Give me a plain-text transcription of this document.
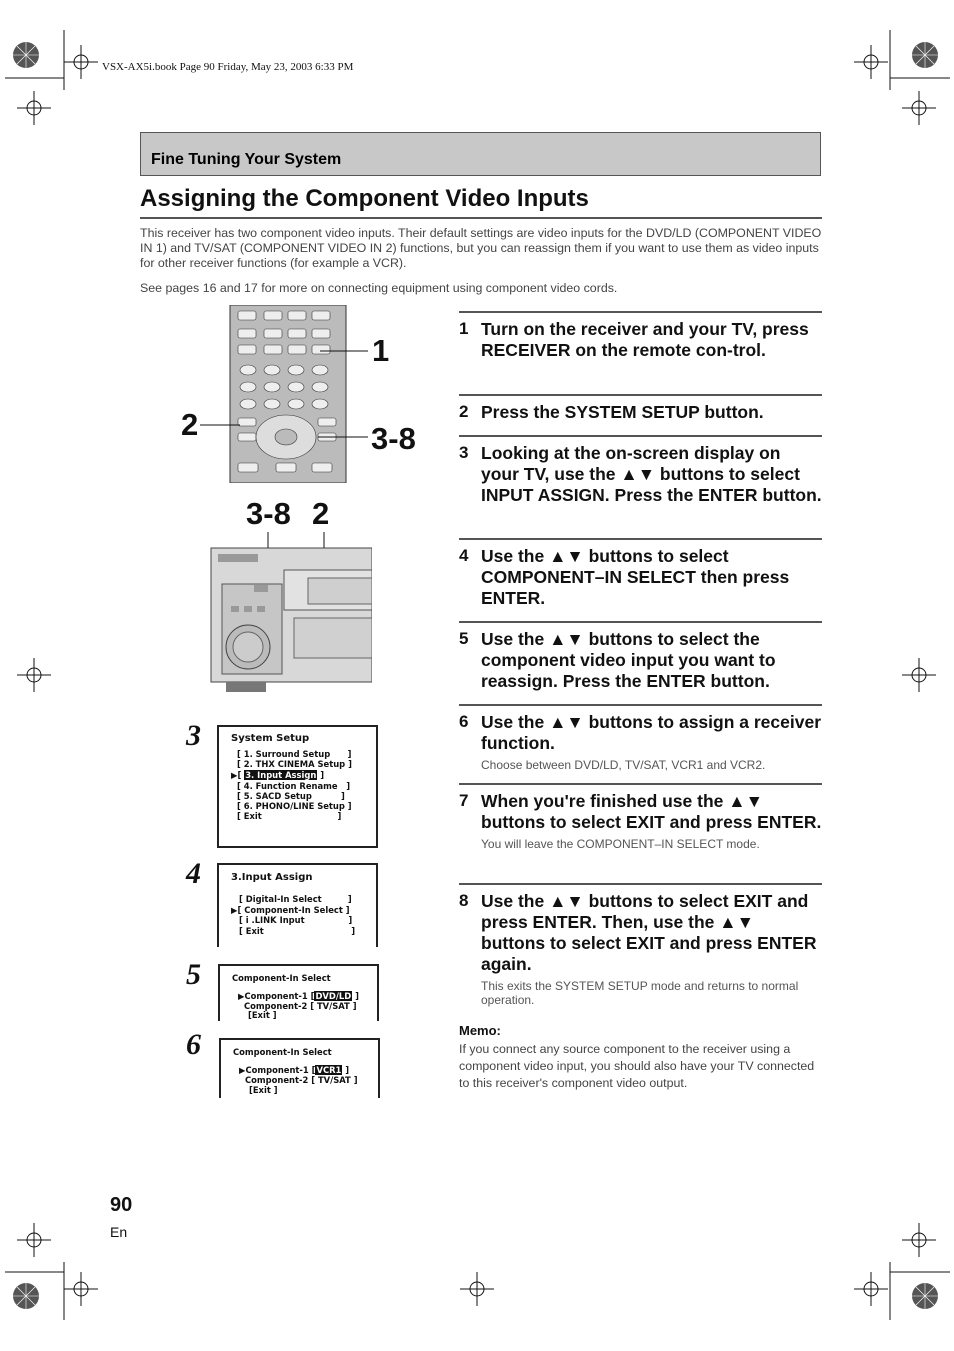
VSX-AX5i.book Page 90 Friday, May 23, 2003 6:33 PM
Fine Tuning Your System
Assigning the Component Video Inputs
This receiver has two component video inputs. Their default settings are video inputs for the DVD/LD (COMPONENT VIDEO IN 1) and TV/SAT (COMPONENT VIDEO IN 2) functions, but you can reassign them if you want to use them as video inputs for other receiver functions (for example a VCR).
See pages 16 and 17 for more on connecting equipment using component video cords.
1
2	3-8
3-8 2
3
4
5
6
System Setup
[ 1. Surround Setup      ]
[ 2. THX CINEMA Setup ]
▶[ 3. Input Assign ]
[ 4. Function Rename   ]
[ 5. SACD Setup          ]
[ 6. PHONO/LINE Setup ]
[ Exit                          ]
3.Input Assign
[ Digital-In Select         ]
▶[ Component-In Select ]
[ i .LINK Input               ]
[ Exit                              ]
Component-In Select
▶Component-1 [DVD/LD ]
Component-2 [ TV/SAT ]
[Exit ]
Component-In Select
▶Component-1 [VCR1 ]
Component-2 [ TV/SAT ]
[Exit ]
1 Turn on the receiver and your TV, press RECEIVER on the remote con-trol.
2 Press the SYSTEM SETUP button.
3 Looking at the on-screen display on your TV, use the ▲▼ buttons to select INPUT ASSIGN. Press the ENTER button.
4 Use the ▲▼ buttons to select COMPONENT–IN SELECT then press ENTER.
5 Use the ▲▼ buttons to select the component video input you want to reassign. Press the ENTER button.
6 Use the ▲▼ buttons to assign a receiver function.
Choose between DVD/LD, TV/SAT, VCR1 and VCR2.
7 When you're finished use the ▲▼ buttons to select EXIT and press ENTER.
You will leave the COMPONENT–IN SELECT mode.
8 Use the ▲▼ buttons to select EXIT and press ENTER. Then, use the ▲▼ buttons to select EXIT and press ENTER again.
This exits the SYSTEM SETUP mode and returns to normal operation.
Memo:
If you connect any source component to the receiver using a component video input, you should also have your TV connected to this receiver's component video output.
90
En
